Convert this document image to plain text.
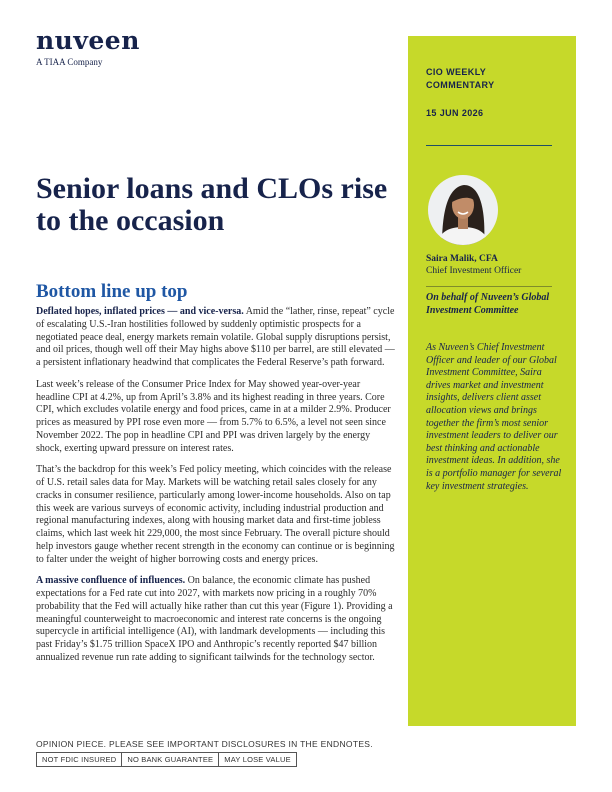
nuveen
A TIAA Company
CIO WEEKLY COMMENTARY
15 JUN 2026
Saira Malik, CFA
Chief Investment Officer
On behalf of Nuveen’s Global Investment Committee
As Nuveen’s Chief Investment Officer and leader of our Global Investment Committee, Saira drives market and investment insights, delivers client asset allocation views and brings together the firm’s most senior investment leaders to deliver our best thinking and actionable investment ideas. In addition, she is a portfolio manager for several key investment strategies.
Senior loans and CLOs rise to the occasion
Bottom line up top

Deflated hopes, inflated prices — and vice-versa. Amid the “lather, rinse, repeat” cycle of escalating U.S.-Iran hostilities followed by suddenly optimistic prospects for a negotiated peace deal, energy markets remain volatile. Global supply disruptions persist, and oil prices, though well off their May highs above $110 per barrel, are still elevated — a persistent inflationary headwind that complicates the Federal Reserve’s path forward.

Last week’s release of the Consumer Price Index for May showed year-over-year headline CPI at 4.2%, up from April’s 3.8% and its highest reading in three years. Core CPI, which excludes volatile energy and food prices, came in at a milder 2.9%. Producer prices as measured by PPI rose even more — from 5.7% to 6.5%, a level not seen since November 2022. The pop in headline CPI and PPI was driven largely by the energy shock, exerting upward pressure on interest rates.

That’s the backdrop for this week’s Fed policy meeting, which coincides with the release of U.S. retail sales data for May. Markets will be watching retail sales closely for any cracks in consumer resilience, particularly among lower-income households. Also on tap this week are various surveys of economic activity, including industrial production and regional manufacturing indexes, along with housing market data and first-time jobless claims, which last week hit 229,000, the most since February. The overall picture should help investors gauge whether recent strength in the economy can continue or is beginning to falter under the weight of higher borrowing costs and energy prices.

A massive confluence of influences. On balance, the economic climate has pushed expectations for a Fed rate cut into 2027, with markets now pricing in a roughly 70% probability that the Fed will actually hike rather than cut this year (Figure 1). Providing a meaningful counterweight to macroeconomic and interest rate concerns is the ongoing supercycle in artificial intelligence (AI), with landmark developments — including this past Friday’s $1.75 trillion SpaceX IPO and Anthropic’s recently reported $47 billion annualized revenue run rate adding to significant tailwinds for the technology sector.

OPINION PIECE. PLEASE SEE IMPORTANT DISCLOSURES IN THE ENDNOTES.
NOT FDIC INSURED	NO BANK GUARANTEE	MAY LOSE VALUE
